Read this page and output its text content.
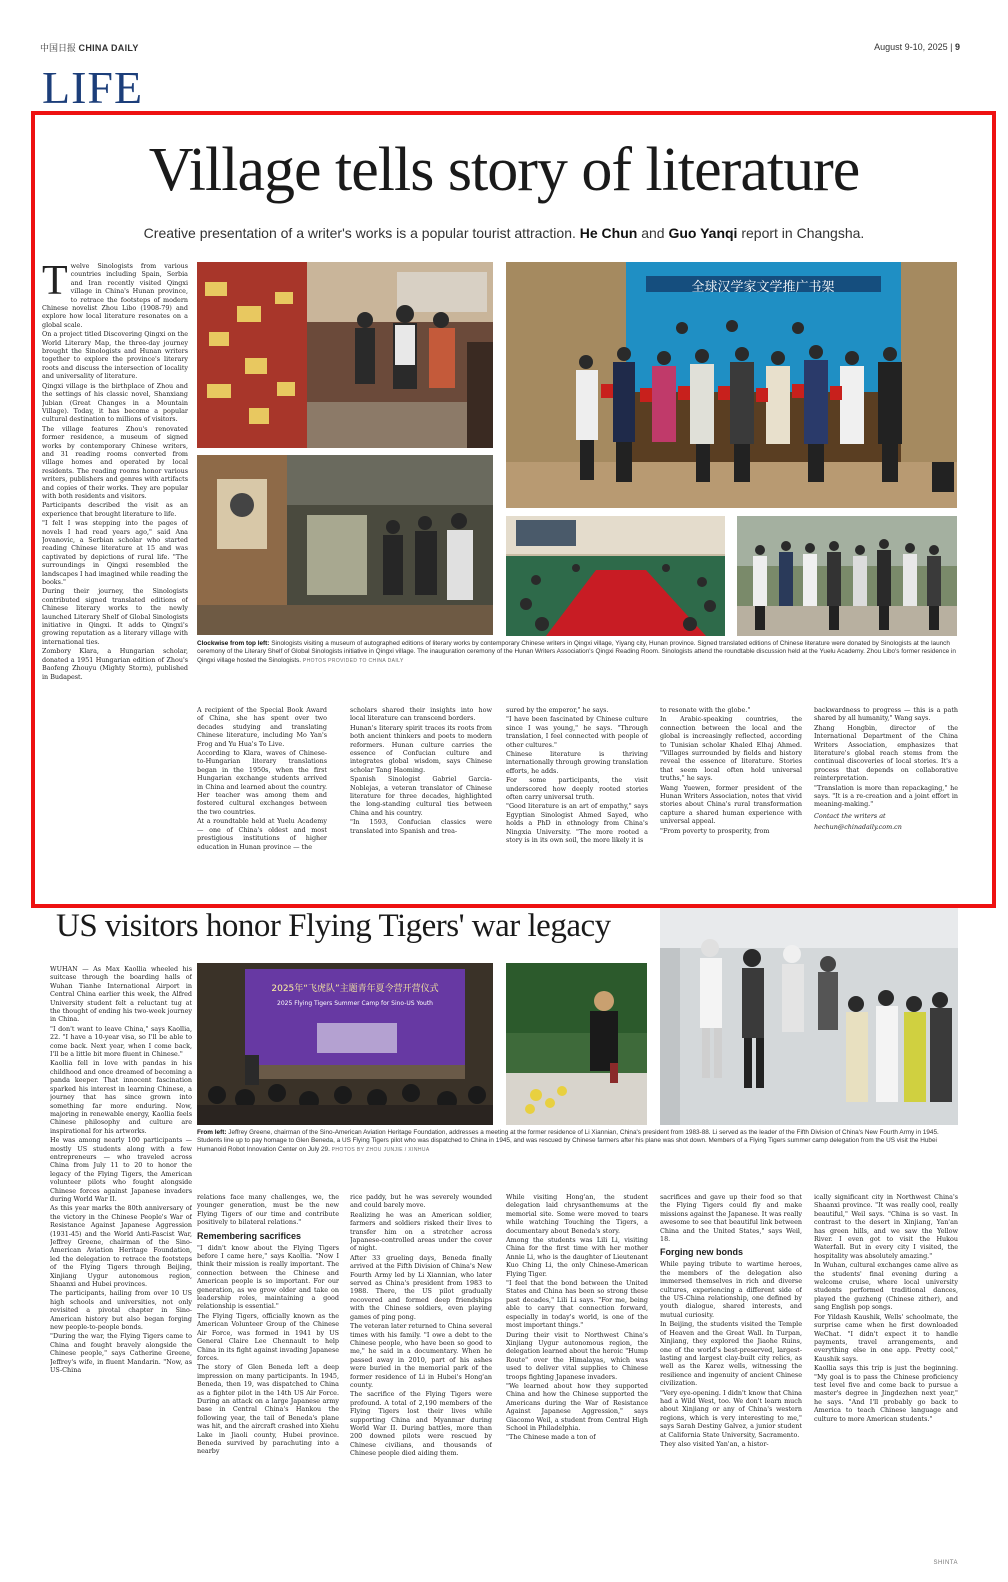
中国日报 CHINA DAILY	August 9-10, 2025 | 9
LIFE
Village tells story of literature
Creative presentation of a writer's works is a popular tourist attraction. He Chun and Guo Yanqi report in Changsha.
T welve Sinologists from various countries including Spain, Serbia and Iran recently visited Qingxi village in China's Hunan province, to retrace the footsteps of modern Chinese novelist Zhou Libo (1908-79) and explore how local literature resonates on a global scale.

On a project titled Discovering Qingxi on the World Literary Map, the three-day journey brought the Sinologists and Hunan writers together to explore the province's literary roots and discuss the intersection of locality and universality of literature.

Qingxi village is the birthplace of Zhou and the settings of his classic novel, Shanxiang Jubian (Great Changes in a Mountain Village). Today, it has become a popular cultural destination to millions of visitors.

The village features Zhou's renovated former residence, a museum of signed works by contemporary Chinese writers, and 31 reading rooms converted from village homes and operated by local residents. The reading rooms honor various writers, publishers and genres with artifacts and copies of their works. They are popular with both residents and visitors.

Participants described the visit as an experience that brought literature to life.

"I felt I was stepping into the pages of novels I had read years ago," said Ana Jovanovic, a Serbian scholar who started reading Chinese literature at 15 and was captivated by depictions of rural life. "The surroundings in Qingxi resembled the landscapes I had imagined while reading the books."

During their journey, the Sinologists contributed signed translated editions of Chinese literary works to the newly launched Literary Shelf of Global Sinologists initiative in Qingxi. It adds to Qingxi's growing reputation as a literary village with international ties.

Zombory Klara, a Hungarian scholar, donated a 1951 Hungarian edition of Zhou's Baofeng Zhouyu (Mighty Storm), published in Budapest.

全球汉学家文学推广书架
Clockwise from top left: Sinologists visiting a museum of autographed editions of literary works by contemporary Chinese writers in Qingxi village, Yiyang city, Hunan province. Signed translated editions of Chinese literature were donated by Sinologists at the launch ceremony of the Literary Shelf of Global Sinologists initiative in Qingxi village. The inauguration ceremony of the Hunan Writers Association's Qingxi Reading Room. Sinologists attend the roundtable discussion held at the Yuelu Academy. Zhou Libo's former residence in Qingxi village hosted the Sinologists. PHOTOS PROVIDED TO CHINA DAILY

A recipient of the Special Book Award of China, she has spent over two decades studying and translating Chinese literature, including Mo Yan's Frog and Yu Hua's To Live.

According to Klara, waves of Chinese-to-Hungarian literary translations began in the 1950s, when the first Hungarian exchange students arrived in China and learned about the country. Her teacher was among them and fostered cultural exchanges between the two countries.

At a roundtable held at Yuelu Academy — one of China's oldest and most prestigious institutions of higher education in Hunan province — the

scholars shared their insights into how local literature can transcend borders.

Hunan's literary spirit traces its roots from both ancient thinkers and poets to modern reformers. Hunan culture carries the essence of Confucian culture and integrates global wisdom, says Chinese scholar Tang Haoming.

Spanish Sinologist Gabriel Garcia-Noblejas, a veteran translator of Chinese literature for three decades, highlighted the long-standing cultural ties between China and his country.

"In 1593, Confucian classics were translated into Spanish and trea-

sured by the emperor," he says.

"I have been fascinated by Chinese culture since I was young," he says. "Through translation, I feel connected with people of other cultures."

Chinese literature is thriving internationally through growing translation efforts, he adds.

For some participants, the visit underscored how deeply rooted stories often carry universal truth.

"Good literature is an art of empathy," says Egyptian Sinologist Ahmed Sayed, who holds a PhD in ethnology from China's Ningxia University. "The more rooted a story is in its own soil, the more likely it is

to resonate with the globe."

In Arabic-speaking countries, the connection between the local and the global is increasingly reflected, according to Tunisian scholar Khaled Elhaj Ahmed. "Villages surrounded by fields and history reveal the essence of literature. Stories that seem local often hold universal truths," he says.

Wang Yuewen, former president of the Hunan Writers Association, notes that vivid stories about China's rural transformation capture a shared human experience with universal appeal.

"From poverty to prosperity, from

backwardness to progress — this is a path shared by all humanity," Wang says.

Zhang Hongbin, director of the International Department of the China Writers Association, emphasizes that literature's global reach stems from the continual discoveries of local stories. It's a process that depends on collaborative reinterpretation.

"Translation is more than repackaging," he says. "It is a re-creation and a joint effort in meaning-making."

Contact the writers at

hechun@chinadaily.com.cn

US visitors honor Flying Tigers' war legacy

WUHAN — As Max Kaollia wheeled his suitcase through the boarding halls of Wuhan Tianhe International Airport in Central China earlier this week, the Alfred University student felt a reluctant tug at the thought of ending his two-week journey in China.

"I don't want to leave China," says Kaollia, 22. "I have a 10-year visa, so I'll be able to come back. Next year, when I come back, I'll be a little bit more fluent in Chinese."

Kaollia fell in love with pandas in his childhood and once dreamed of becoming a panda keeper. That innocent fascination sparked his interest in learning Chinese, a journey that has since grown into something far more enduring. Now, majoring in renewable energy, Kaollia feels Chinese philosophy and culture are inspirational for his artworks.

He was among nearly 100 participants — mostly US students along with a few entrepreneurs — who traveled across China from July 11 to 20 to honor the legacy of the Flying Tigers, the American volunteer pilots who fought alongside Chinese forces against Japanese invaders during World War II.

As this year marks the 80th anniversary of the victory in the Chinese People's War of Resistance Against Japanese Aggression (1931-45) and the World Anti-Fascist War, Jeffrey Greene, chairman of the Sino-American Aviation Heritage Foundation, led the delegation to retrace the footsteps of the Flying Tigers through Beijing, Xinjiang Uygur autonomous region, Shaanxi and Hubei provinces.

The participants, hailing from over 10 US high schools and universities, not only revisited a pivotal chapter in Sino-American history but also began forging new people-to-people bonds.

"During the war, the Flying Tigers came to China and fought bravely alongside the Chinese people," says Catherine Greene, Jeffrey's wife, in fluent Mandarin. "Now, as US-China

2025年“飞虎队”主题青年夏令营开营仪式
2025 Flying Tigers Summer Camp for Sino-US Youth
From left: Jeffrey Greene, chairman of the Sino-American Aviation Heritage Foundation, addresses a meeting at the former residence of Li Xiannian, China's president from 1983-88. Li served as the leader of the Fifth Division of China's New Fourth Army in 1945. Students line up to pay homage to Glen Beneda, a US Flying Tigers pilot who was dispatched to China in 1945, and was rescued by Chinese farmers after his plane was shot down. Members of a Flying Tigers summer camp delegation from the US visit the Hubei Humanoid Robot Innovation Center on July 29. PHOTOS BY ZHOU JUNJIE / XINHUA

relations face many challenges, we, the younger generation, must be the new Flying Tigers of our time and contribute positively to bilateral relations."

Remembering sacrifices

"I didn't know about the Flying Tigers before I came here," says Kaollia. "Now I think their mission is really important. The connection between the Chinese and American people is so important. For our generation, as we grow older and take on leadership roles, maintaining a good relationship is essential."

The Flying Tigers, officially known as the American Volunteer Group of the Chinese Air Force, was formed in 1941 by US General Claire Lee Chennault to help China in its fight against invading Japanese forces.

The story of Glen Beneda left a deep impression on many participants. In 1945, Beneda, then 19, was dispatched to China as a fighter pilot in the 14th US Air Force. During an attack on a large Japanese army base in Central China's Hankou the following year, the tail of Beneda's plane was hit, and the aircraft crashed into Xiehu Lake in Jiaoli county, Hubei province. Beneda survived by parachuting into a nearby

rice paddy, but he was severely wounded and could barely move.

Realizing he was an American soldier, farmers and soldiers risked their lives to transfer him on a stretcher across Japanese-controlled areas under the cover of night.

After 33 grueling days, Beneda finally arrived at the Fifth Division of China's New Fourth Army led by Li Xiannian, who later served as China's president from 1983 to 1988. There, the US pilot gradually recovered and formed deep friendships with the Chinese soldiers, even playing games of ping pong.

The veteran later returned to China several times with his family. "I owe a debt to the Chinese people, who have been so good to me," he said in a documentary. When he passed away in 2010, part of his ashes were buried in the memorial park of the former residence of Li in Hubei's Hong'an county.

The sacrifice of the Flying Tigers were profound. A total of 2,190 members of the Flying Tigers lost their lives while supporting China and Myanmar during World War II. During battles, more than 200 downed pilots were rescued by Chinese civilians, and thousands of Chinese people died aiding them.

While visiting Hong'an, the student delegation laid chrysanthemums at the memorial site. Some were moved to tears while watching Touching the Tigers, a documentary about Beneda's story.

Among the students was Lili Li, visiting China for the first time with her mother Annie Li, who is the daughter of Lieutenant Kuo Ching Li, the only Chinese-American Flying Tiger.

"I feel that the bond between the United States and China has been so strong these past decades," Lili Li says. "For me, being able to carry that connection forward, especially in today's world, is one of the most important things."

During their visit to Northwest China's Xinjiang Uygur autonomous region, the delegation learned about the heroic "Hump Route" over the Himalayas, which was used to deliver vital supplies to Chinese troops fighting Japanese invaders.

"We learned about how they supported China and how the Chinese supported the Americans during the War of Resistance Against Japanese Aggression," says Giacomo Weil, a student from Central High School in Philadelphia.

"The Chinese made a ton of

sacrifices and gave up their food so that the Flying Tigers could fly and make missions against the Japanese. It was really awesome to see that beautiful link between China and the United States," says Weil, 18.

Forging new bonds

While paying tribute to wartime heroes, the members of the delegation also immersed themselves in rich and diverse cultures, experiencing a different side of the US-China relationship, one defined by youth dialogue, shared interests, and mutual curiosity.

In Beijing, the students visited the Temple of Heaven and the Great Wall. In Turpan, Xinjiang, they explored the Jiaohe Ruins, one of the world's best-preserved, largest-lasting and largest clay-built city relics, as well as the Karez wells, witnessing the resilience and ingenuity of ancient Chinese civilization.

"Very eye-opening. I didn't know that China had a Wild West, too. We don't learn much about Xinjiang or any of China's western regions, which is very interesting to me," says Sarah Destiny Galvez, a junior student at California State University, Sacramento.

They also visited Yan'an, a histor-

ically significant city in Northwest China's Shaanxi province. "It was really cool, really beautiful," Weil says. "China is so vast. In contrast to the desert in Xinjiang, Yan'an has green hills, and we saw the Yellow River. I even got to visit the Hukou Waterfall. But in every city I visited, the hospitality was absolutely amazing."

In Wuhan, cultural exchanges came alive as the students' final evening during a welcome cruise, where local university students performed traditional dances, played the guzheng (Chinese zither), and sang English pop songs.

For Yildash Kaushik, Wells' schoolmate, the surprise came when he first downloaded WeChat. "I didn't expect it to handle payments, travel arrangements, and everything else in one app. Pretty cool," Kaushik says.

Kaollia says this trip is just the beginning. "My goal is to pass the Chinese proficiency test level five and come back to pursue a master's degree in Jingdezhen next year," he says. "And I'll probably go back to America to teach Chinese language and culture to more American students."

SHINTA
